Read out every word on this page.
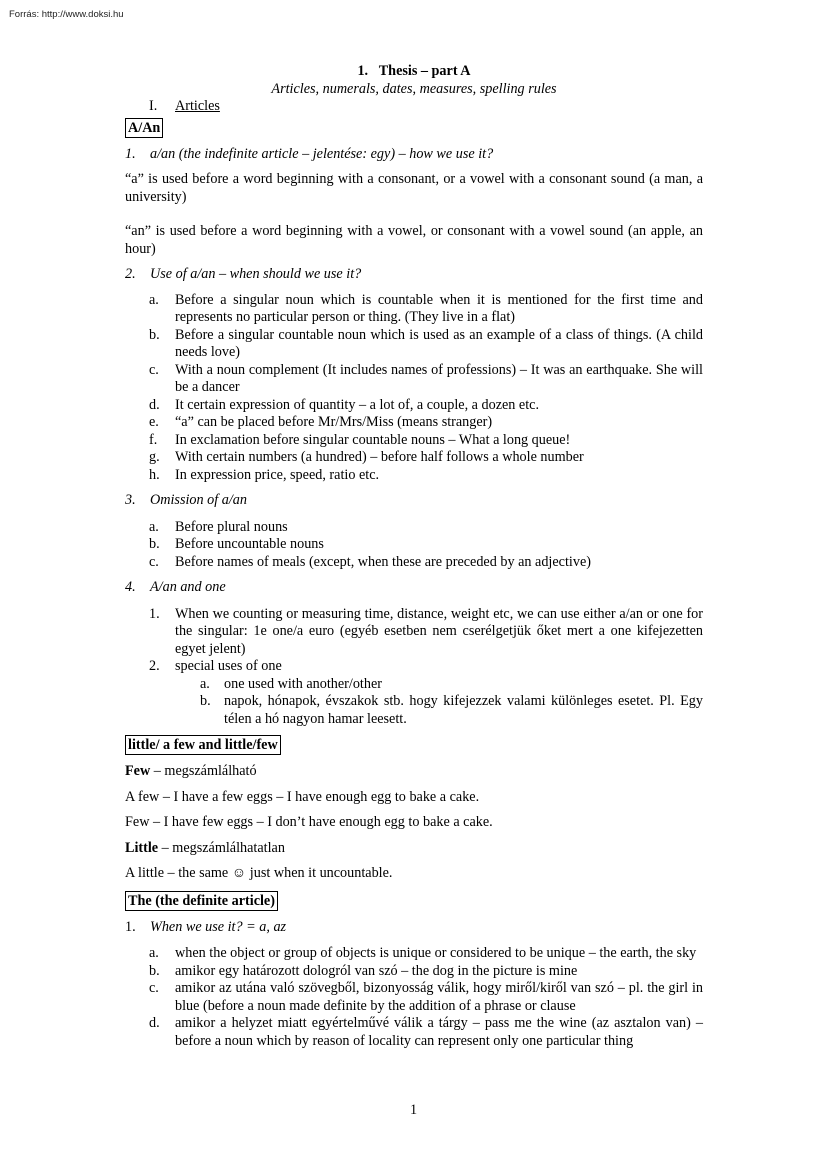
Forrás: http://www.doksi.hu
1.   Thesis – part A
Articles, numerals, dates, measures, spelling rules
I.	Articles
A/An
1.	a/an (the indefinite article – jelentése: egy) – how we use it?

“a” is used before a word beginning with a consonant, or a vowel with a consonant sound (a man, a university)

“an” is used before a word beginning with a vowel, or consonant with a vowel sound (an apple, an hour)

2.	Use of a/an – when should we use it?
a.	Before a singular noun which is countable when it is mentioned for the first time and represents no particular person or thing. (They live in a flat)
b.	Before a singular countable noun which is used as an example of a class of things. (A child needs love)
c.	With a noun complement (It includes names of professions) – It was an earthquake. She will be a dancer
d.	It certain expression of quantity – a lot of, a couple, a dozen etc.
e.	“a” can be placed before Mr/Mrs/Miss (means stranger)
f.	In exclamation before singular countable nouns – What a long queue!
g.	With certain numbers (a hundred) – before half follows a whole number
h.	In expression price, speed, ratio etc.
3.	Omission of a/an
a.	Before plural nouns
b.	Before uncountable nouns
c.	Before names of meals (except, when these are preceded by an adjective)
4.	A/an and one
1.	When we counting or measuring time, distance, weight etc, we can use either a/an or one for the singular: 1e one/a euro (egyéb esetben nem cserélgetjük őket mert a one kifejezetten egyet jelent)
2.	special uses of one
a. one used with another/other
b. napok, hónapok, évszakok stb. hogy kifejezzek valami különleges esetet. Pl. Egy télen a hó nagyon hamar leesett.
little/ a few and little/few

Few – megszámlálható

A few – I have a few eggs – I have enough egg to bake a cake.

Few – I have few eggs – I don’t have enough egg to bake a cake.

Little – megszámlálhatatlan

A little – the same ☺ just when it uncountable.

The (the definite article)
1.	When we use it? = a, az
a.	when the object or group of objects is unique or considered to be unique – the earth, the sky
b.	amikor egy határozott dologról van szó – the dog in the picture is mine
c.	amikor az utána való szövegből, bizonyosság válik, hogy miről/kiről van szó – pl. the girl in blue (before a noun made definite by the addition of a phrase or clause
d.	amikor a helyzet miatt egyértelművé válik a tárgy – pass me the wine (az asztalon van) – before a noun which by reason of locality can represent only one particular thing
1
